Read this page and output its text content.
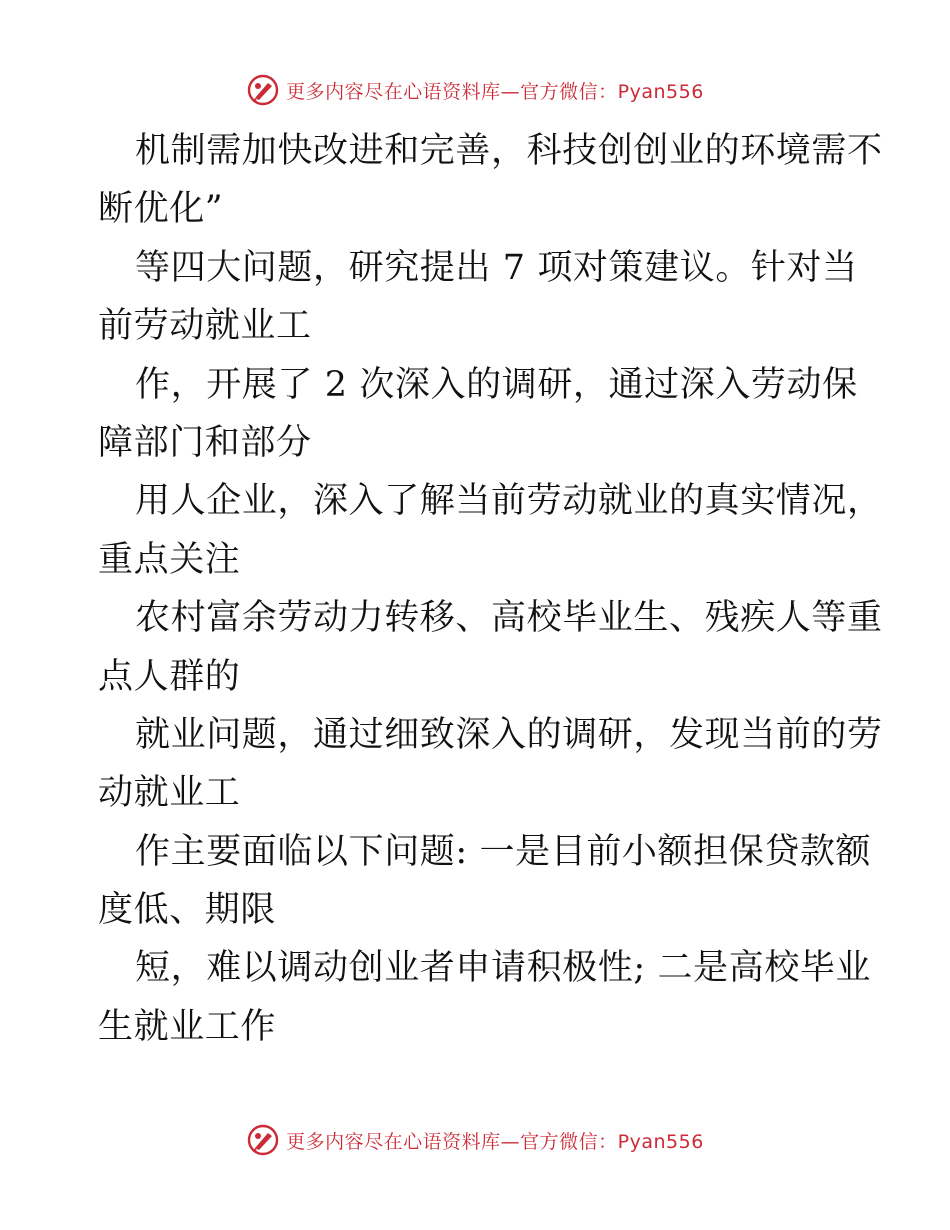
更多内容尽在心语资料库—官方微信：Pyan556
机制需加快改进和完善，科技创创业的环境需不
断优化”
等四大问题，研究提出 7 项对策建议。针对当
前劳动就业工
作，开展了 2 次深入的调研，通过深入劳动保
障部门和部分
用人企业，深入了解当前劳动就业的真实情况，
重点关注
农村富余劳动力转移、高校毕业生、残疾人等重
点人群的
就业问题，通过细致深入的调研，发现当前的劳
动就业工
作主要面临以下问题: 一是目前小额担保贷款额
度低、期限
短，难以调动创业者申请积极性; 二是高校毕业
生就业工作
更多内容尽在心语资料库—官方微信：Pyan556
